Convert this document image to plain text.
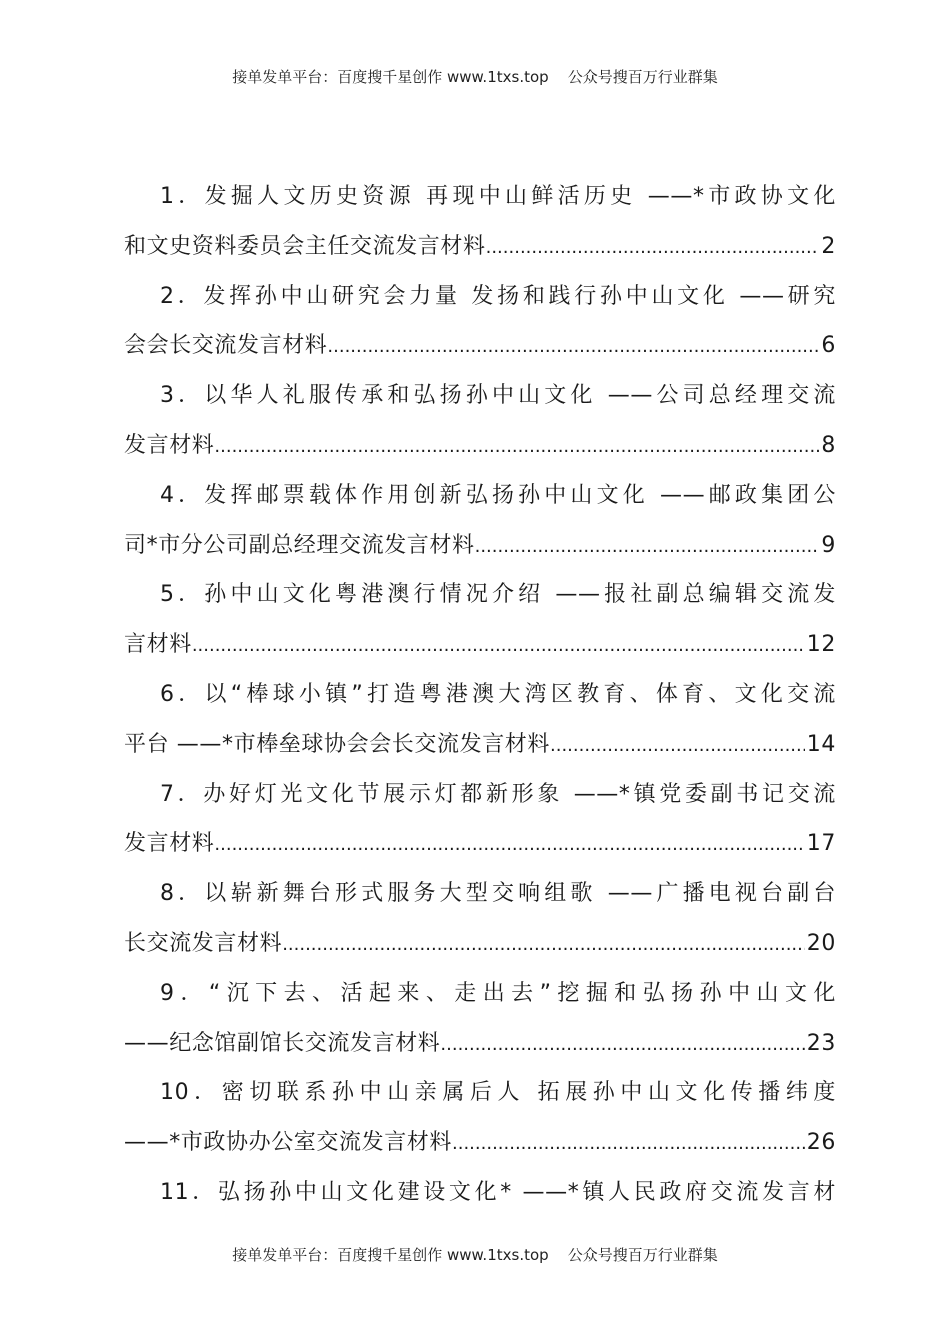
接单发单平台：百度搜千星创作 www.1txs.top    公众号搜百万行业群集
1．发掘人文历史资源 再现中山鲜活历史 ——*市政协文化
和文史资料委员会主任交流发言材料 .....	2
2．发挥孙中山研究会力量 发扬和践行孙中山文化 ——研究
会会长交流发言材料 .....	6
3．以华人礼服传承和弘扬孙中山文化 ——公司总经理交流
发言材料 .....	8
4．发挥邮票载体作用创新弘扬孙中山文化 ——邮政集团公
司*市分公司副总经理交流发言材料 .....	9
5．孙中山文化粤港澳行情况介绍 ——报社副总编辑交流发
言材料 .....	12
6．以“棒球小镇”打造粤港澳大湾区教育、体育、文化交流
平台 ——*市棒垒球协会会长交流发言材料 .....	14
7．办好灯光文化节展示灯都新形象 ——*镇党委副书记交流
发言材料 .....	17
8．以崭新舞台形式服务大型交响组歌 ——广播电视台副台
长交流发言材料 .....	20
9．“沉下去、活起来、走出去”挖掘和弘扬孙中山文化
——纪念馆副馆长交流发言材料 .....	23
10．密切联系孙中山亲属后人 拓展孙中山文化传播纬度
——*市政协办公室交流发言材料 .....	26
11．弘扬孙中山文化建设文化* ——*镇人民政府交流发言材
接单发单平台：百度搜千星创作 www.1txs.top    公众号搜百万行业群集
